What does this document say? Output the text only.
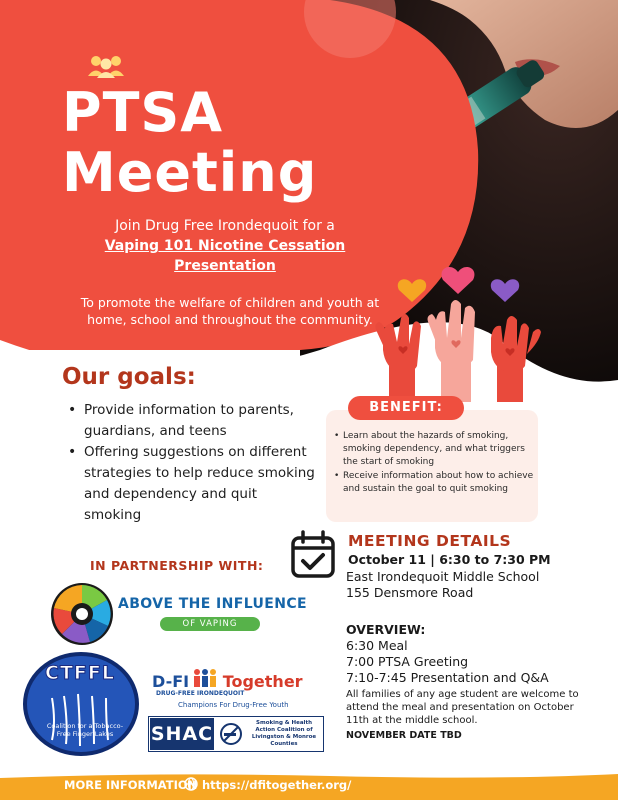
PTSA
Meeting
Join Drug Free Irondequoit for a
Vaping 101 Nicotine Cessation
Presentation
To promote the welfare of children and youth at home, school and throughout the community.
Our goals:
• Provide information to parents, guardians, and teens
• Offering suggestions on different strategies to help reduce smoking and dependency and quit smoking
BENEFIT:
• Learn about the hazards of smoking, smoking dependency, and what triggers the start of smoking
• Receive information about how to achieve and sustain the goal to quit smoking
MEETING DETAILS
October 11 | 6:30 to 7:30 PM
East Irondequoit Middle School
155 Densmore Road
OVERVIEW:
6:30 Meal
7:00 PTSA Greeting
7:10-7:45 Presentation and Q&A
All families of any age student are welcome to attend the meal and presentation on October 11th at the middle school.
NOVEMBER DATE TBD
IN PARTNERSHIP WITH:
ABOVE THE INFLUENCE
OF VAPING
CTFFL
Coalition for a Tobacco-Free Finger Lakes
D-FI Together
DRUG-FREE IRONDEQUOIT
Champions For Drug-Free Youth
SHAC	Smoking & Health Action Coalition of Livingston & Monroe Counties
MORE INFORMATION https://dfitogether.org/
